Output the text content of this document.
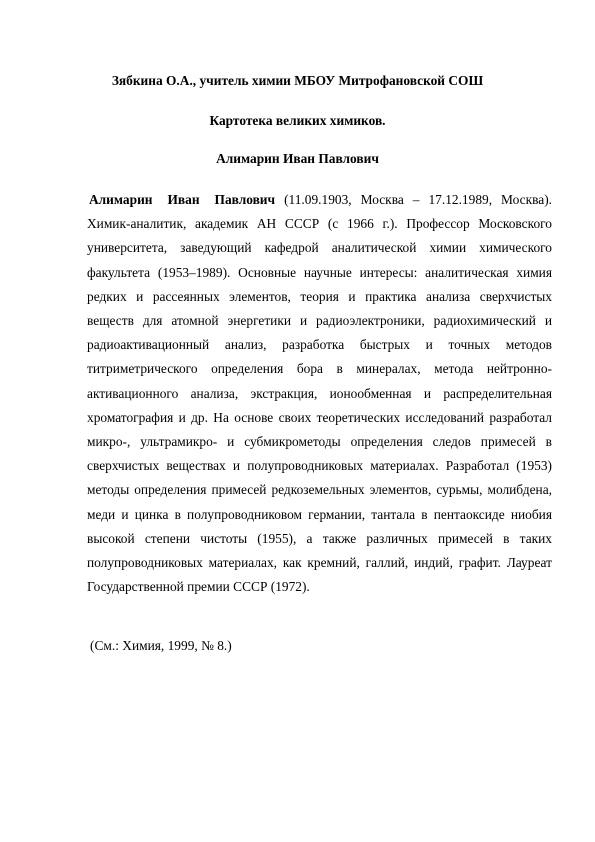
Зябкина О.А., учитель химии МБОУ Митрофановской СОШ
Картотека великих химиков.
Алимарин Иван Павлович

Алимарин Иван Павлович (11.09.1903, Москва – 17.12.1989, Москва). Химик-аналитик, академик АН СССР (с 1966 г.). Профессор Московского университета, заведующий кафедрой аналитической химии химического факультета (1953–1989). Основные научные интересы: аналитическая химия редких и рассеянных элементов, теория и практика анализа сверхчистых веществ для атомной энергетики и радиоэлектроники, радиохимический и радиоактивационный анализ, разработка быстрых и точных методов титриметрического определения бора в минералах, метода нейтронно-активационного анализа, экстракция, ионообменная и распределительная хроматография и др. На основе своих теоретических исследований разработал микро-, ультрамикро- и субмикрометоды определения следов примесей в сверхчистых веществах и полупроводниковых материалах. Разработал (1953) методы определения примесей редкоземельных элементов, сурьмы, молибдена, меди и цинка в полупроводниковом германии, тантала в пентаоксиде ниобия высокой степени чистоты (1955), а также различных примесей в таких полупроводниковых материалах, как кремний, галлий, индий, графит. Лауреат Государственной премии СССР (1972).

(См.: Химия, 1999, № 8.)
